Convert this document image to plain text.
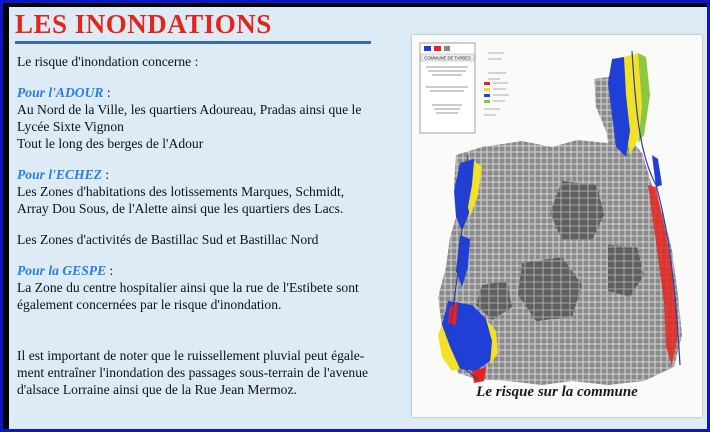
LES INONDATIONS

Le risque d'inondation concerne :

Pour l'ADOUR :

Au Nord de la Ville, les quartiers Adoureau, Pradas ainsi que le

Lycée Sixte Vignon

Tout le long des berges de l'Adour

Pour l'ECHEZ :

Les Zones d'habitations des lotissements Marques, Schmidt,

Array Dou Sous, de l'Alette ainsi que les quartiers des Lacs.

Les Zones d'activités de Bastillac Sud et Bastillac Nord

Pour la GESPE :

La Zone du centre hospitalier ainsi que la rue de l'Estibete sont

également concernées par le risque d'inondation.

Il est important de noter que le ruissellement pluvial peut égale-

ment entraîner l'inondation des passages sous-terrain de l'avenue

d'alsace Lorraine ainsi que de la Rue Jean Mermoz.

COMMUNE DE TARBES
Le risque sur la commune
